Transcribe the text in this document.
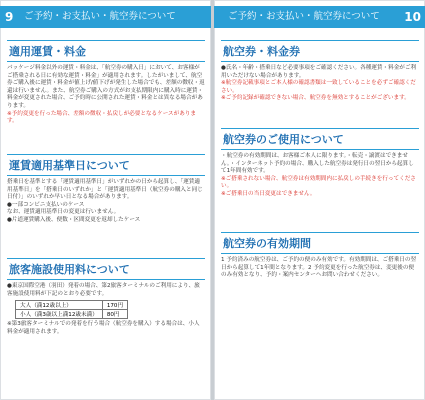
9 ご予約・お支払い・航空券について
適用運賃・料金

パッケージ料金以外の運賃・料金は、「航空券の購入日」において、お客様がご搭乗される日に有効な運賃・料金」が適用されます。したがいまして、航空券ご購入後に運賃・料金が値上げ/値下げが発生した場合でも、差額の徴収・返還は行いません。また、航空券ご購入の方式がお支払期限内に購入時に運賃・料金が変更された場合、ご予約時に公開された運賃・料金とは異なる場合があります。

※予約変更を行った場合、差額の徴収・払戻しが必要となるケースがあります。

運賃適用基準日について

搭乗日を基準とする「運賃適用基準日」がいずれかの日から起算し、「運賃適用基準日」を「搭乗日のいずれか」と「運賃適用基準日（航空券の購入と同じ日付）」のいずれか早い日となる場合があります。

●一部コンビニ支払いのケース

なお、運賃適用基準日の変更は行いません。

●片道運賃購入後、便数・区間変更を返却したケース

旅客施設使用料について

●東京国際空港（羽田）発着の場合、第2旅客ターミナルのご利用により、旅客施設使用料が下記のとおり必要です。

大人（満12歳以上）	170円
小人（満3歳以上満12歳未満）	80円

※第3旅客ターミナルでの発着を行う場合（航空券を購入）する場合は、小人料金が適用されます。

ご予約・お支払い・航空券について 10
航空券・料金券

●氏名・年齢・搭乗日など必要事項をご確認ください。各種運賃・料金がご利用いただけない場合があります。

※航空券記載事項とご本人様の確認書類は一致していることを必ずご確認ください。

※ご予約記録が確認できない場合、航空券を無効とすることがございます。

航空券のご使用について

・航空券の有効期間は、お客様ご本人に限ります。・転売・譲渡はできません。・インターネット予約の場合、購入した航空券は発行日の翌日から起算して1年間有効です。

※ご搭乗されない場合、航空券は有効期間内に払戻しの手続きを行ってください。

※ご搭乗日の当日変更はできません。

航空券の有効期間

1 予約済みの航空券は、ご予約の便のみ有効です。有効期間は、ご搭乗日の翌日から起算して1年間となります。2 予約変更を行った航空券は、変更後の便のみ有効となり、予約・案内センターへお問い合わせください。
